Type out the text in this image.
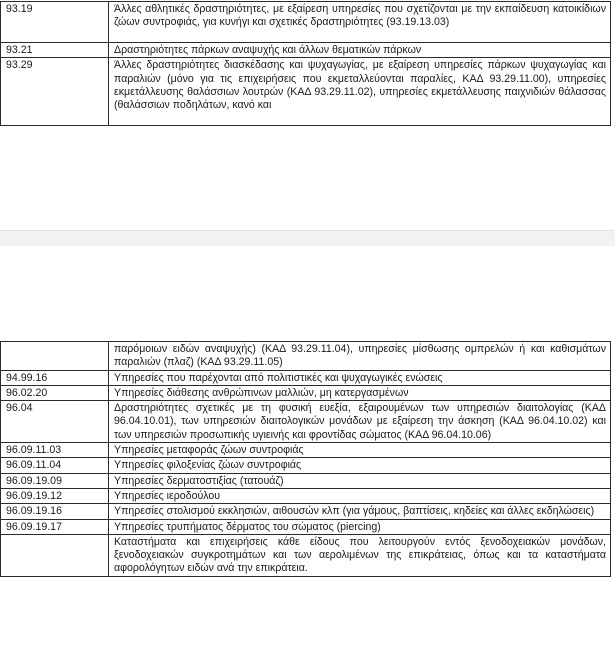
93.19	Άλλες αθλητικές δραστηριότητες, με εξαίρεση υπηρεσίες που σχετίζονται με την εκπαίδευση κατοικίδιων ζώων συντροφιάς, για κυνήγι και σχετικές δραστηριότητες (93.19.13.03)
93.21	Δραστηριότητες πάρκων αναψυχής και άλλων θεματικών πάρκων
93.29	Άλλες δραστηριότητες διασκέδασης και ψυχαγωγίας, με εξαίρεση υπηρεσίες πάρκων ψυχαγωγίας και παραλιών (μόνο για τις επιχειρήσεις που εκμεταλλεύονται παραλίες, ΚΑΔ 93.29.11.00), υπηρεσίες εκμετάλλευσης θαλάσσιων λουτρών (ΚΑΔ 93.29.11.02), υπηρεσίες εκμετάλλευσης παιχνιδιών θάλασσας (θαλάσσιων ποδηλάτων, κανό και
	παρόμοιων ειδών αναψυχής) (ΚΑΔ 93.29.11.04), υπηρεσίες μίσθωσης ομπρελών ή και καθισμάτων παραλιών (πλαζ) (ΚΑΔ 93.29.11.05)
94.99.16	Υπηρεσίες που παρέχονται από πολιτιστικές και ψυχαγωγικές ενώσεις
96.02.20	Υπηρεσίες διάθεσης ανθρώπινων μαλλιών, μη κατεργασμένων
96.04	Δραστηριότητες σχετικές με τη φυσική ευεξία, εξαιρουμένων των υπηρεσιών διαιτολογίας (ΚΑΔ 96.04.10.01), των υπηρεσιών διαιτολογικών μονάδων με εξαίρεση την άσκηση (ΚΑΔ 96.04.10.02) και των υπηρεσιών προσωπικής υγιεινής και φροντίδας σώματος (ΚΑΔ 96.04.10.06)
96.09.11.03	Υπηρεσίες μεταφοράς ζώων συντροφιάς
96.09.11.04	Υπηρεσίες φιλοξενίας ζώων συντροφιάς
96.09.19.09	Υπηρεσίες δερματοστιξίας (τατουάζ)
96.09.19.12	Υπηρεσίες ιεροδούλου
96.09.19.16	Υπηρεσίες στολισμού εκκλησιών, αιθουσών κλπ (για γάμους, βαπτίσεις, κηδείες και άλλες εκδηλώσεις)
96.09.19.17	Υπηρεσίες τρυπήματος δέρματος του σώματος (piercing)
	Καταστήματα και επιχειρήσεις κάθε είδους που λειτουργούν εντός ξενοδοχειακών μονάδων, ξενοδοχειακών συγκροτημάτων και των αερολιμένων της επικράτειας, όπως και τα καταστήματα αφορολόγητων ειδών ανά την επικράτεια.
